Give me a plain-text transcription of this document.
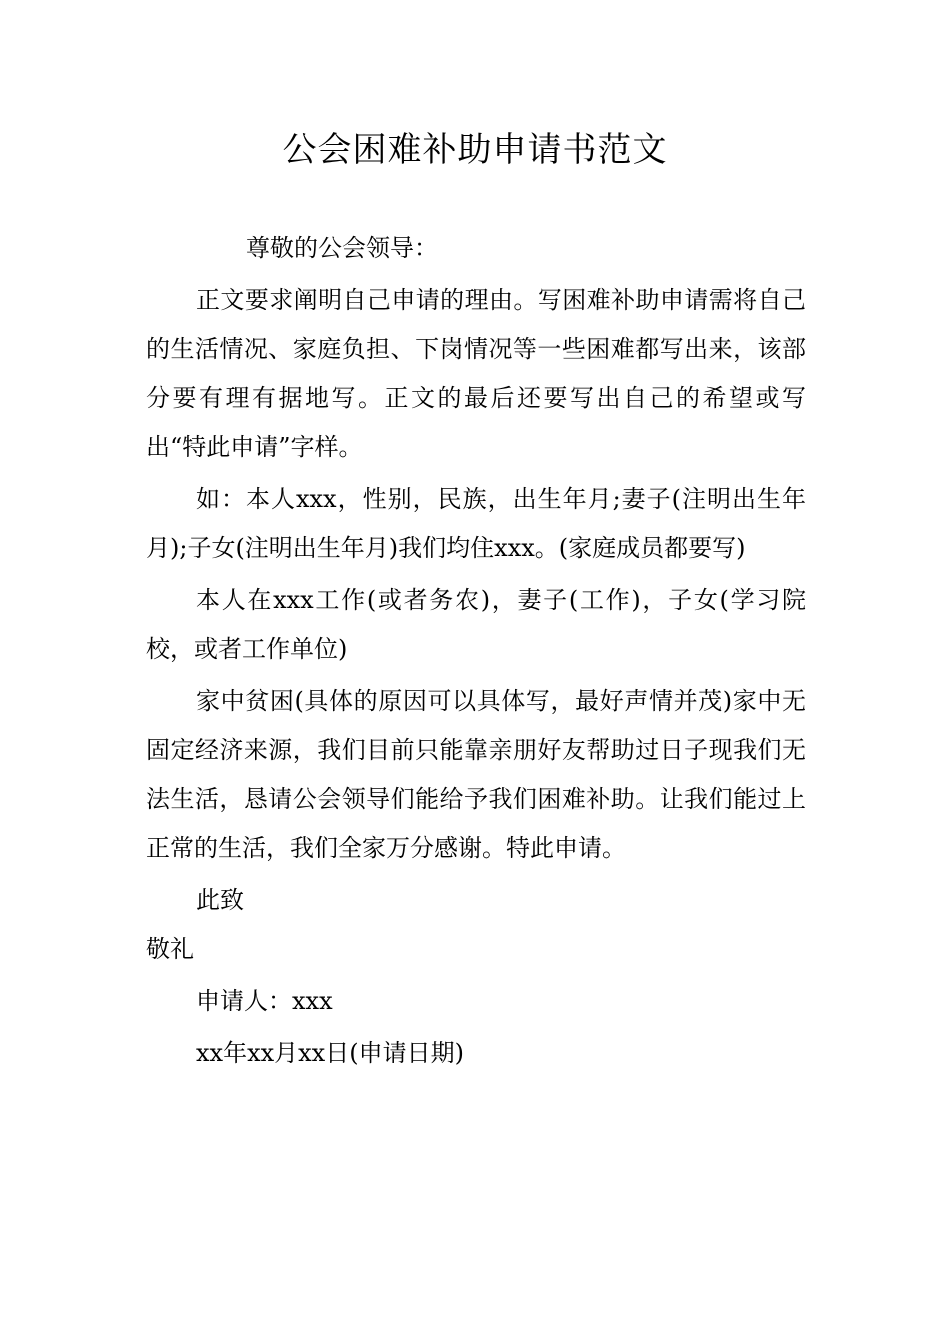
公会困难补助申请书范文

尊敬的公会领导：

正文要求阐明自己申请的理由。写困难补助申请需将自己的生活情况、家庭负担、下岗情况等一些困难都写出来，该部分要有理有据地写。正文的最后还要写出自己的希望或写出“特此申请”字样。

如：本人xxx，性别，民族，出生年月;妻子(注明出生年月);子女(注明出生年月)我们均住xxx。(家庭成员都要写)

本人在xxx工作(或者务农)，妻子(工作)，子女(学习院校，或者工作单位)

家中贫困(具体的原因可以具体写，最好声情并茂)家中无固定经济来源，我们目前只能靠亲朋好友帮助过日子现我们无法生活，恳请公会领导们能给予我们困难补助。让我们能过上正常的生活，我们全家万分感谢。特此申请。

此致

敬礼

申请人：xxx

xx年xx月xx日(申请日期)
